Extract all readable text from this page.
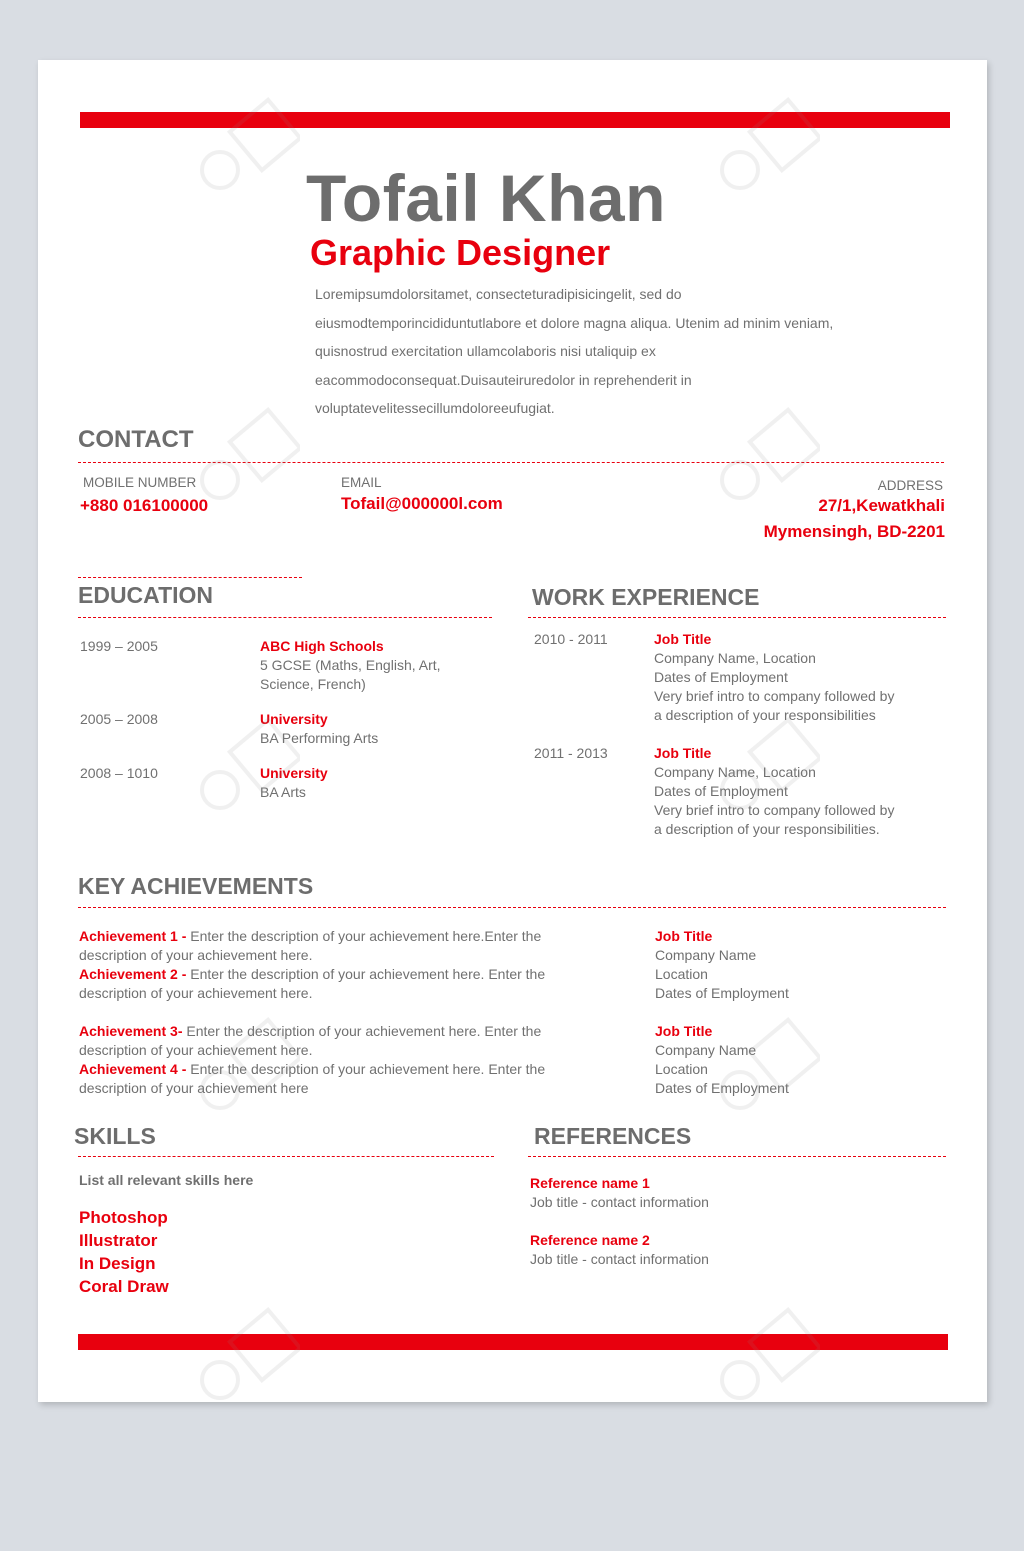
Tofail Khan
Graphic Designer
Loremipsumdolorsitamet, consecteturadipisicingelit, sed do
eiusmodtemporincididuntutlabore et dolore magna aliqua. Utenim ad minim veniam,
quisnostrud exercitation ullamcolaboris nisi utaliquip ex
eacommodoconsequat.Duisauteiruredolor in reprehenderit in
voluptatevelitessecillumdoloreeufugiat.
CONTACT
MOBILE NUMBER
+880 016100000
EMAIL
Tofail@000000l.com
ADDRESS
27/1,Kewatkhali
Mymensingh, BD-2201
EDUCATION
1999 – 2005	ABC High Schools
5 GCSE (Maths, English, Art,
Science, French)
2005 – 2008	University
BA Performing Arts
2008 – 1010	University
BA Arts
WORK EXPERIENCE
2010 - 2011	Job Title
Company Name, Location
Dates of Employment
Very brief intro to company followed by
a description of your responsibilities
2011 - 2013	Job Title
Company Name, Location
Dates of Employment
Very brief intro to company followed by
a description of your responsibilities.
KEY ACHIEVEMENTS
Achievement 1 - Enter the description of your achievement here.Enter the description of your achievement here.
Achievement 2 - Enter the description of your achievement here. Enter the description of your achievement here.
Achievement 3- Enter the description of your achievement here. Enter the description of your achievement here.
Achievement 4 - Enter the description of your achievement here. Enter the description of your achievement here
Job Title
Company Name
Location
Dates of Employment
Job Title
Company Name
Location
Dates of Employment
SKILLS
List all relevant skills here
Photoshop
Illustrator
In Design
Coral Draw
REFERENCES
Reference name 1
Job title - contact information
Reference name 2
Job title - contact information
